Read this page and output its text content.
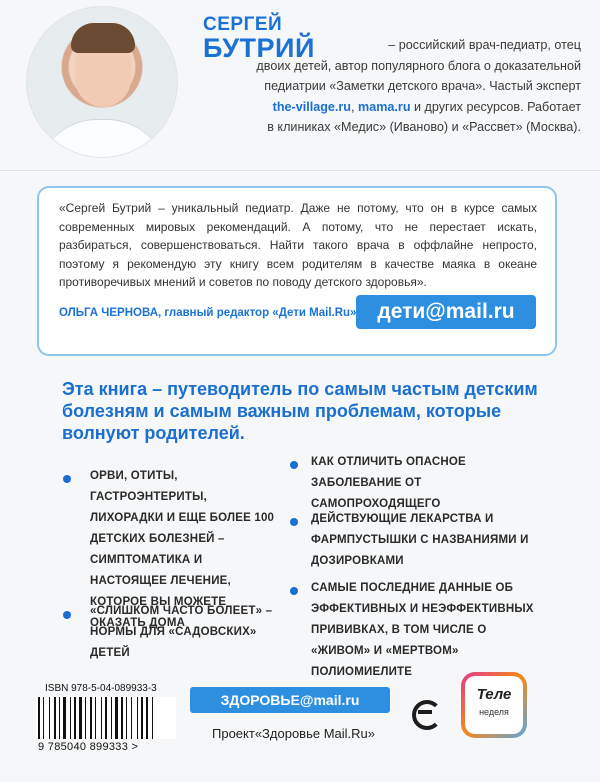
СЕРГЕЙ
БУТРИЙ	– российский врач-педиатр, отец
двоих детей, автор популярного блога о доказательной
педиатрии «Заметки детского врача». Частый эксперт
the-village.ru, mama.ru и других ресурсов. Работает
в клиниках «Медис» (Иваново) и «Рассвет» (Москва).
«Сергей Бутрий – уникальный педиатр. Даже не потому, что он в курсе самых современных мировых рекомендаций. А потому, что не перестает искать, разбираться, совершенствоваться. Найти такого врача в оффлайне непросто, поэтому я рекомендую эту книгу всем родителям в качестве маяка в океане противоречивых мнений и советов по поводу детского здоровья».
ОЛЬГА ЧЕРНОВА, главный редактор «Дети Mail.Ru» дети@mail.ru
Эта книга – путеводитель по самым частым детским болезням и самым важным проблемам, которые волнуют родителей.
ОРВИ, ОТИТЫ, ГАСТРОЭНТЕРИТЫ, ЛИХОРАДКИ И ЕЩЕ БОЛЕЕ 100 ДЕТСКИХ БОЛЕЗНЕЙ – СИМПТОМАТИКА И НАСТОЯЩЕЕ ЛЕЧЕНИЕ, КОТОРОЕ ВЫ МОЖЕТЕ ОКАЗАТЬ ДОМА
«СЛИШКОМ ЧАСТО БОЛЕЕТ» – НОРМЫ ДЛЯ «САДОВСКИХ» ДЕТЕЙ
КАК ОТЛИЧИТЬ ОПАСНОЕ ЗАБОЛЕВАНИЕ ОТ САМОПРОХОДЯЩЕГО
ДЕЙСТВУЮЩИЕ ЛЕКАРСТВА И ФАРМПУСТЫШКИ С НАЗВАНИЯМИ И ДОЗИРОВКАМИ
САМЫЕ ПОСЛЕДНИЕ ДАННЫЕ ОБ ЭФФЕКТИВНЫХ И НЕЭФФЕКТИВНЫХ ПРИВИВКАХ, В ТОМ ЧИСЛЕ О «ЖИВОМ» И «МЕРТВОМ» ПОЛИОМИЕЛИТЕ
ISBN 978-5-04-089933-3
9 785040 899333 >
ЗДОРОВЬЕ@mail.ru
Проект«Здоровье Mail.Ru»
Теле
неделя
